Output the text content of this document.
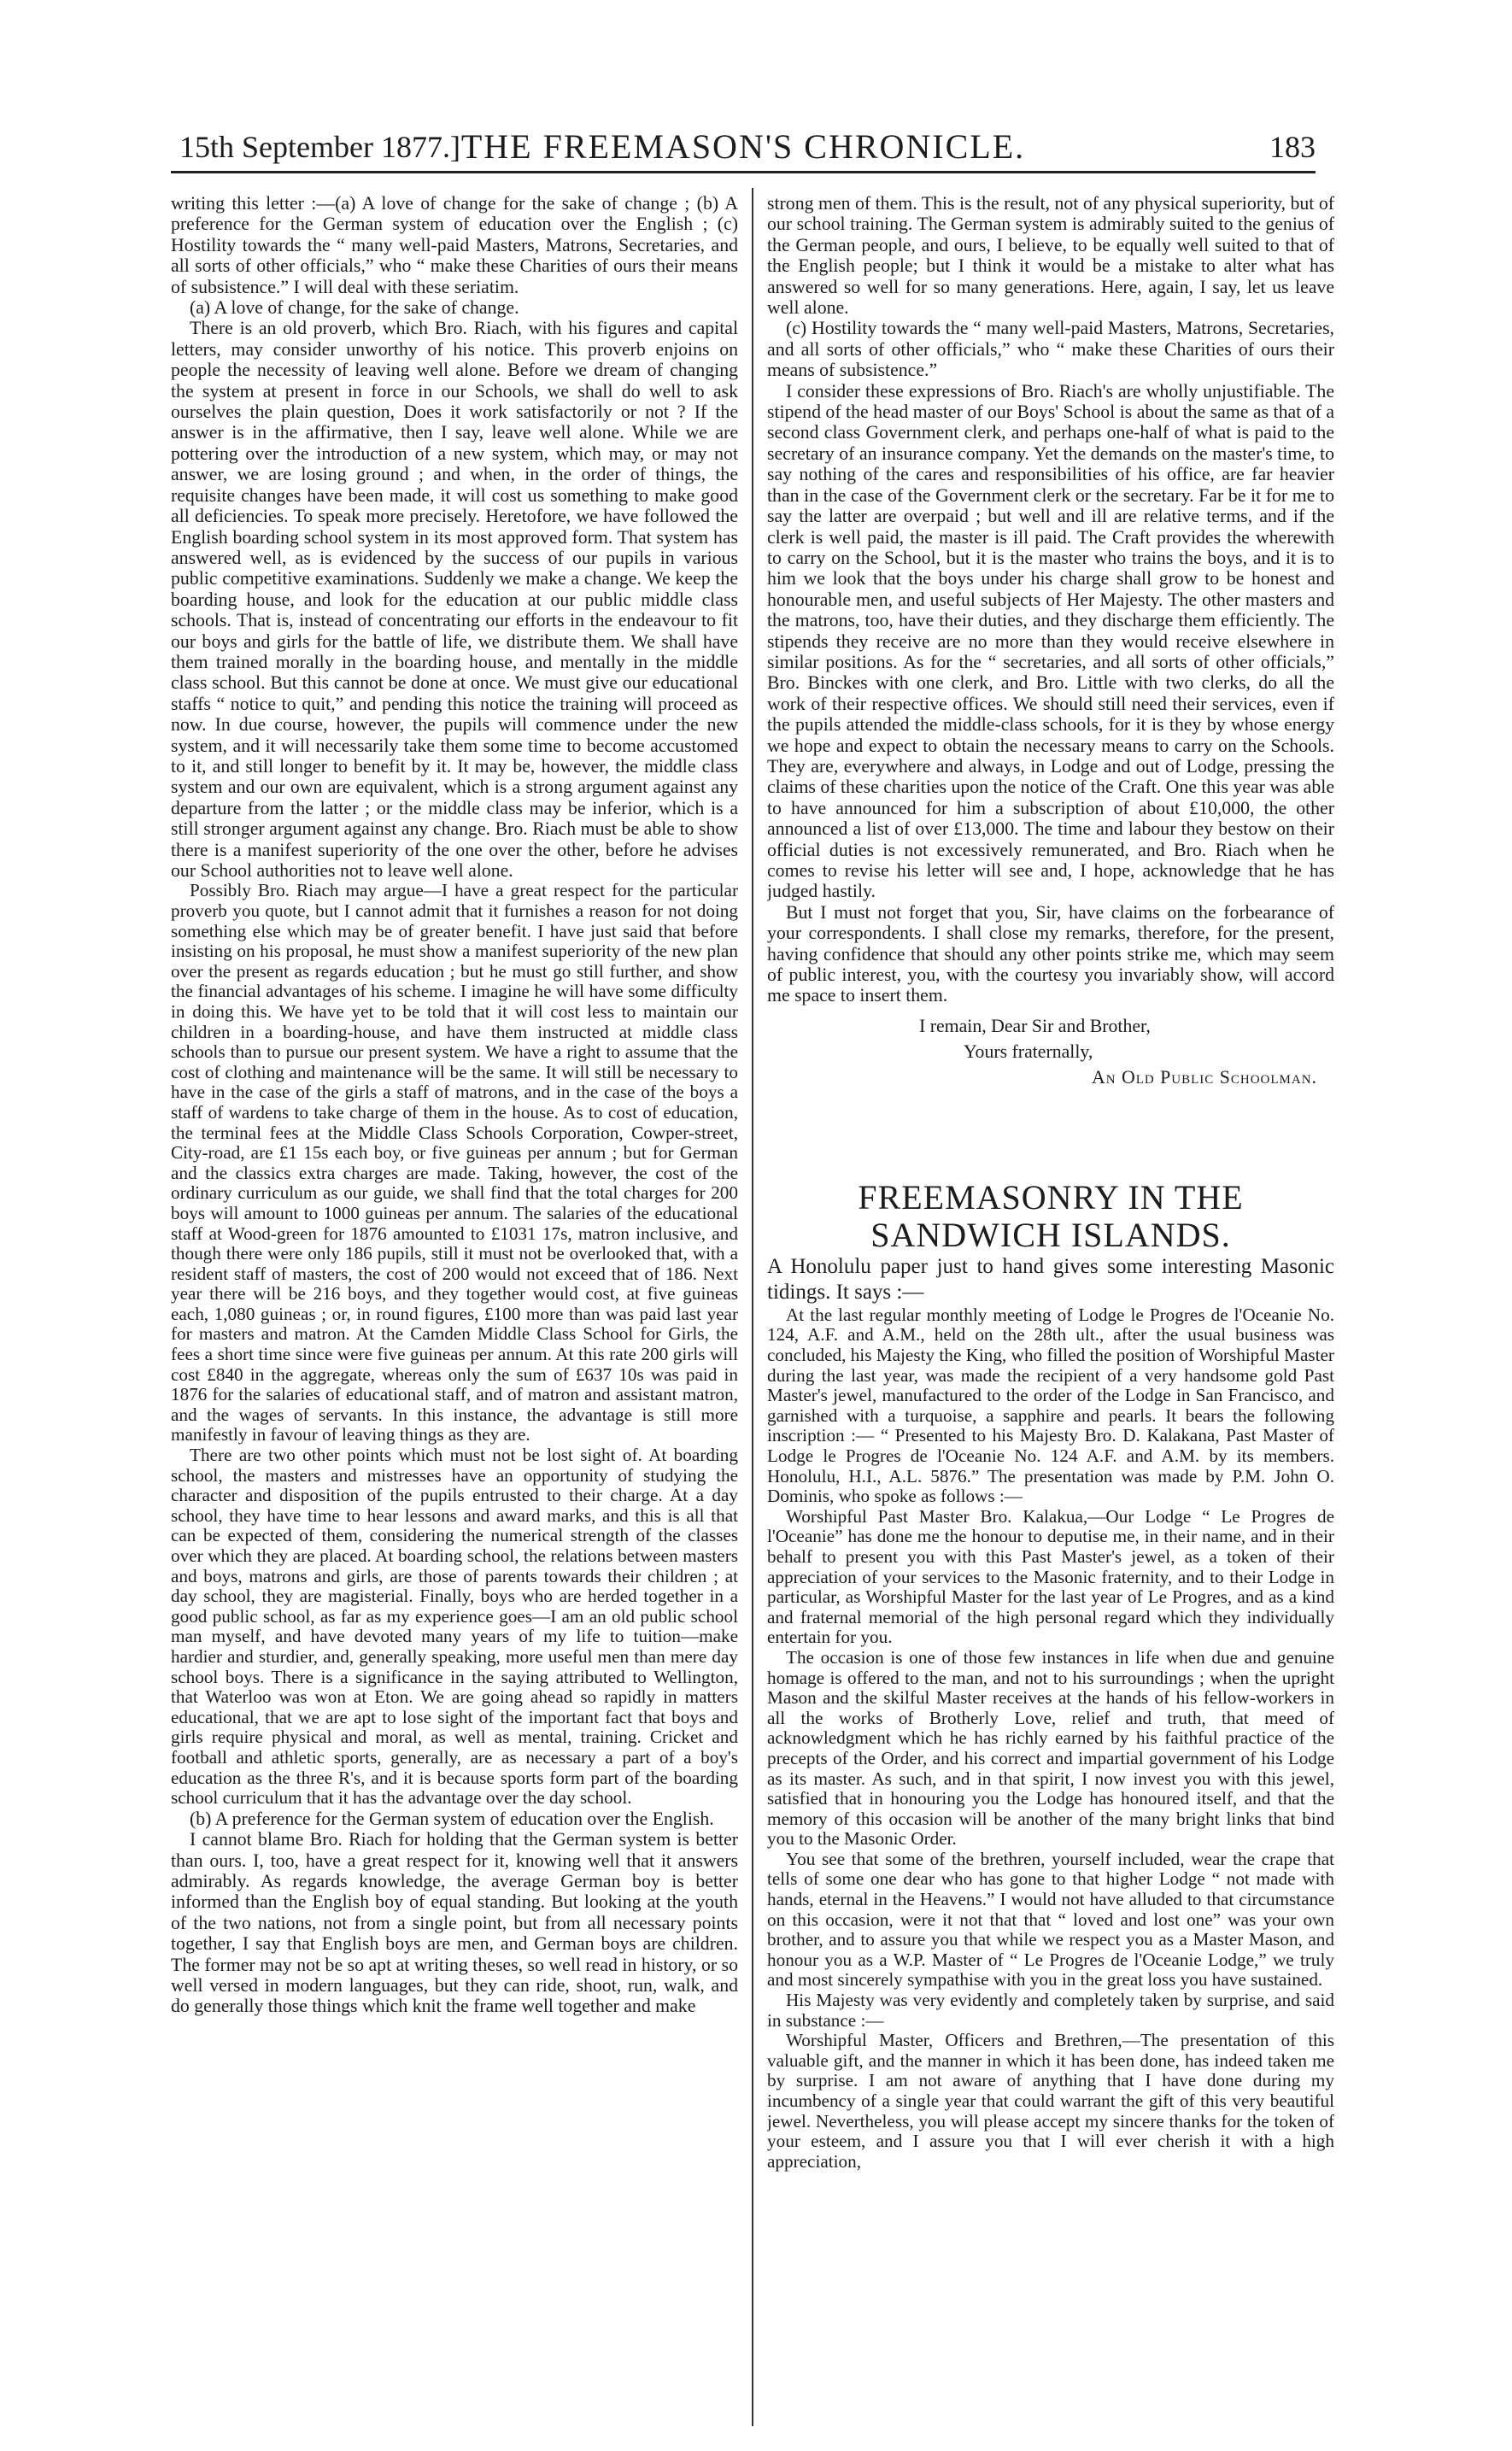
THE FREEMASON'S CHRONICLE.
15th September 1877.]	183

writing this letter :—(a) A love of change for the sake of change ; (b) A preference for the German system of education over the English ; (c) Hostility towards the “ many well-paid Masters, Matrons, Secretaries, and all sorts of other officials,” who “ make these Charities of ours their means of subsistence.” I will deal with these seriatim.

(a) A love of change, for the sake of change.

There is an old proverb, which Bro. Riach, with his figures and capital letters, may consider unworthy of his notice. This proverb enjoins on people the necessity of leaving well alone. Before we dream of changing the system at present in force in our Schools, we shall do well to ask ourselves the plain question, Does it work satisfactorily or not ? If the answer is in the affirmative, then I say, leave well alone. While we are pottering over the introduction of a new system, which may, or may not answer, we are losing ground ; and when, in the order of things, the requisite changes have been made, it will cost us something to make good all deficiencies. To speak more precisely. Heretofore, we have followed the English boarding school system in its most approved form. That system has answered well, as is evidenced by the success of our pupils in various public competitive examinations. Suddenly we make a change. We keep the boarding house, and look for the education at our public middle class schools. That is, instead of concentrating our efforts in the endeavour to fit our boys and girls for the battle of life, we distribute them. We shall have them trained morally in the boarding house, and mentally in the middle class school. But this cannot be done at once. We must give our educational staffs “ notice to quit,” and pending this notice the training will proceed as now. In due course, however, the pupils will commence under the new system, and it will necessarily take them some time to become accustomed to it, and still longer to benefit by it. It may be, however, the middle class system and our own are equivalent, which is a strong argument against any departure from the latter ; or the middle class may be inferior, which is a still stronger argument against any change. Bro. Riach must be able to show there is a manifest superiority of the one over the other, before he advises our School authorities not to leave well alone.

Possibly Bro. Riach may argue—I have a great respect for the particular proverb you quote, but I cannot admit that it furnishes a reason for not doing something else which may be of greater benefit. I have just said that before insisting on his proposal, he must show a manifest superiority of the new plan over the present as regards education ; but he must go still further, and show the financial advantages of his scheme. I imagine he will have some difficulty in doing this. We have yet to be told that it will cost less to maintain our children in a boarding-house, and have them instructed at middle class schools than to pursue our present system. We have a right to assume that the cost of clothing and maintenance will be the same. It will still be necessary to have in the case of the girls a staff of matrons, and in the case of the boys a staff of wardens to take charge of them in the house. As to cost of education, the terminal fees at the Middle Class Schools Corporation, Cowper-street, City-road, are £1 15s each boy, or five guineas per annum ; but for German and the classics extra charges are made. Taking, however, the cost of the ordinary curriculum as our guide, we shall find that the total charges for 200 boys will amount to 1000 guineas per annum. The salaries of the educational staff at Wood-green for 1876 amounted to £1031 17s, matron inclusive, and though there were only 186 pupils, still it must not be overlooked that, with a resident staff of masters, the cost of 200 would not exceed that of 186. Next year there will be 216 boys, and they together would cost, at five guineas each, 1,080 guineas ; or, in round figures, £100 more than was paid last year for masters and matron. At the Camden Middle Class School for Girls, the fees a short time since were five guineas per annum. At this rate 200 girls will cost £840 in the aggregate, whereas only the sum of £637 10s was paid in 1876 for the salaries of educational staff, and of matron and assistant matron, and the wages of servants. In this instance, the advantage is still more manifestly in favour of leaving things as they are.

There are two other points which must not be lost sight of. At boarding school, the masters and mistresses have an opportunity of studying the character and disposition of the pupils entrusted to their charge. At a day school, they have time to hear lessons and award marks, and this is all that can be expected of them, considering the numerical strength of the classes over which they are placed. At boarding school, the relations between masters and boys, matrons and girls, are those of parents towards their children ; at day school, they are magisterial. Finally, boys who are herded together in a good public school, as far as my experience goes—I am an old public school man myself, and have devoted many years of my life to tuition—make hardier and sturdier, and, generally speaking, more useful men than mere day school boys. There is a significance in the saying attributed to Wellington, that Waterloo was won at Eton. We are going ahead so rapidly in matters educational, that we are apt to lose sight of the important fact that boys and girls require physical and moral, as well as mental, training. Cricket and football and athletic sports, generally, are as necessary a part of a boy's education as the three R's, and it is because sports form part of the boarding school curriculum that it has the advantage over the day school.

(b) A preference for the German system of education over the English.

I cannot blame Bro. Riach for holding that the German system is better than ours. I, too, have a great respect for it, knowing well that it answers admirably. As regards knowledge, the average German boy is better informed than the English boy of equal standing. But looking at the youth of the two nations, not from a single point, but from all necessary points together, I say that English boys are men, and German boys are children. The former may not be so apt at writing theses, so well read in history, or so well versed in modern languages, but they can ride, shoot, run, walk, and do generally those things which knit the frame well together and make

strong men of them. This is the result, not of any physical superiority, but of our school training. The German system is admirably suited to the genius of the German people, and ours, I believe, to be equally well suited to that of the English people; but I think it would be a mistake to alter what has answered so well for so many generations. Here, again, I say, let us leave well alone.

(c) Hostility towards the “ many well-paid Masters, Matrons, Secretaries, and all sorts of other officials,” who “ make these Charities of ours their means of subsistence.”

I consider these expressions of Bro. Riach's are wholly unjustifiable. The stipend of the head master of our Boys' School is about the same as that of a second class Government clerk, and perhaps one-half of what is paid to the secretary of an insurance company. Yet the demands on the master's time, to say nothing of the cares and responsibilities of his office, are far heavier than in the case of the Government clerk or the secretary. Far be it for me to say the latter are overpaid ; but well and ill are relative terms, and if the clerk is well paid, the master is ill paid. The Craft provides the wherewith to carry on the School, but it is the master who trains the boys, and it is to him we look that the boys under his charge shall grow to be honest and honourable men, and useful subjects of Her Majesty. The other masters and the matrons, too, have their duties, and they discharge them efficiently. The stipends they receive are no more than they would receive elsewhere in similar positions. As for the “ secretaries, and all sorts of other officials,” Bro. Binckes with one clerk, and Bro. Little with two clerks, do all the work of their respective offices. We should still need their services, even if the pupils attended the middle-class schools, for it is they by whose energy we hope and expect to obtain the necessary means to carry on the Schools. They are, everywhere and always, in Lodge and out of Lodge, pressing the claims of these charities upon the notice of the Craft. One this year was able to have announced for him a subscription of about £10,000, the other announced a list of over £13,000. The time and labour they bestow on their official duties is not excessively remunerated, and Bro. Riach when he comes to revise his letter will see and, I hope, acknowledge that he has judged hastily.

But I must not forget that you, Sir, have claims on the forbearance of your correspondents. I shall close my remarks, therefore, for the present, having confidence that should any other points strike me, which may seem of public interest, you, with the courtesy you invariably show, will accord me space to insert them.

I remain, Dear Sir and Brother,
Yours fraternally,
An Old Public Schoolman.
FREEMASONRY IN THE SANDWICH ISLANDS.

A Honolulu paper just to hand gives some interesting Masonic tidings. It says :—

At the last regular monthly meeting of Lodge le Progres de l'Oceanie No. 124, A.F. and A.M., held on the 28th ult., after the usual business was concluded, his Majesty the King, who filled the position of Worshipful Master during the last year, was made the recipient of a very handsome gold Past Master's jewel, manufactured to the order of the Lodge in San Francisco, and garnished with a turquoise, a sapphire and pearls. It bears the following inscription :— “ Presented to his Majesty Bro. D. Kalakana, Past Master of Lodge le Progres de l'Oceanie No. 124 A.F. and A.M. by its members. Honolulu, H.I., A.L. 5876.” The presentation was made by P.M. John O. Dominis, who spoke as follows :—

Worshipful Past Master Bro. Kalakua,—Our Lodge “ Le Progres de l'Oceanie” has done me the honour to deputise me, in their name, and in their behalf to present you with this Past Master's jewel, as a token of their appreciation of your services to the Masonic fraternity, and to their Lodge in particular, as Worshipful Master for the last year of Le Progres, and as a kind and fraternal memorial of the high personal regard which they individually entertain for you.

The occasion is one of those few instances in life when due and genuine homage is offered to the man, and not to his surroundings ; when the upright Mason and the skilful Master receives at the hands of his fellow-workers in all the works of Brotherly Love, relief and truth, that meed of acknowledgment which he has richly earned by his faithful practice of the precepts of the Order, and his correct and impartial government of his Lodge as its master. As such, and in that spirit, I now invest you with this jewel, satisfied that in honouring you the Lodge has honoured itself, and that the memory of this occasion will be another of the many bright links that bind you to the Masonic Order.

You see that some of the brethren, yourself included, wear the crape that tells of some one dear who has gone to that higher Lodge “ not made with hands, eternal in the Heavens.” I would not have alluded to that circumstance on this occasion, were it not that that “ loved and lost one” was your own brother, and to assure you that while we respect you as a Master Mason, and honour you as a W.P. Master of “ Le Progres de l'Oceanie Lodge,” we truly and most sincerely sympathise with you in the great loss you have sustained.

His Majesty was very evidently and completely taken by surprise, and said in substance :—

Worshipful Master, Officers and Brethren,—The presentation of this valuable gift, and the manner in which it has been done, has indeed taken me by surprise. I am not aware of anything that I have done during my incumbency of a single year that could warrant the gift of this very beautiful jewel. Nevertheless, you will please accept my sincere thanks for the token of your esteem, and I assure you that I will ever cherish it with a high appreciation,
